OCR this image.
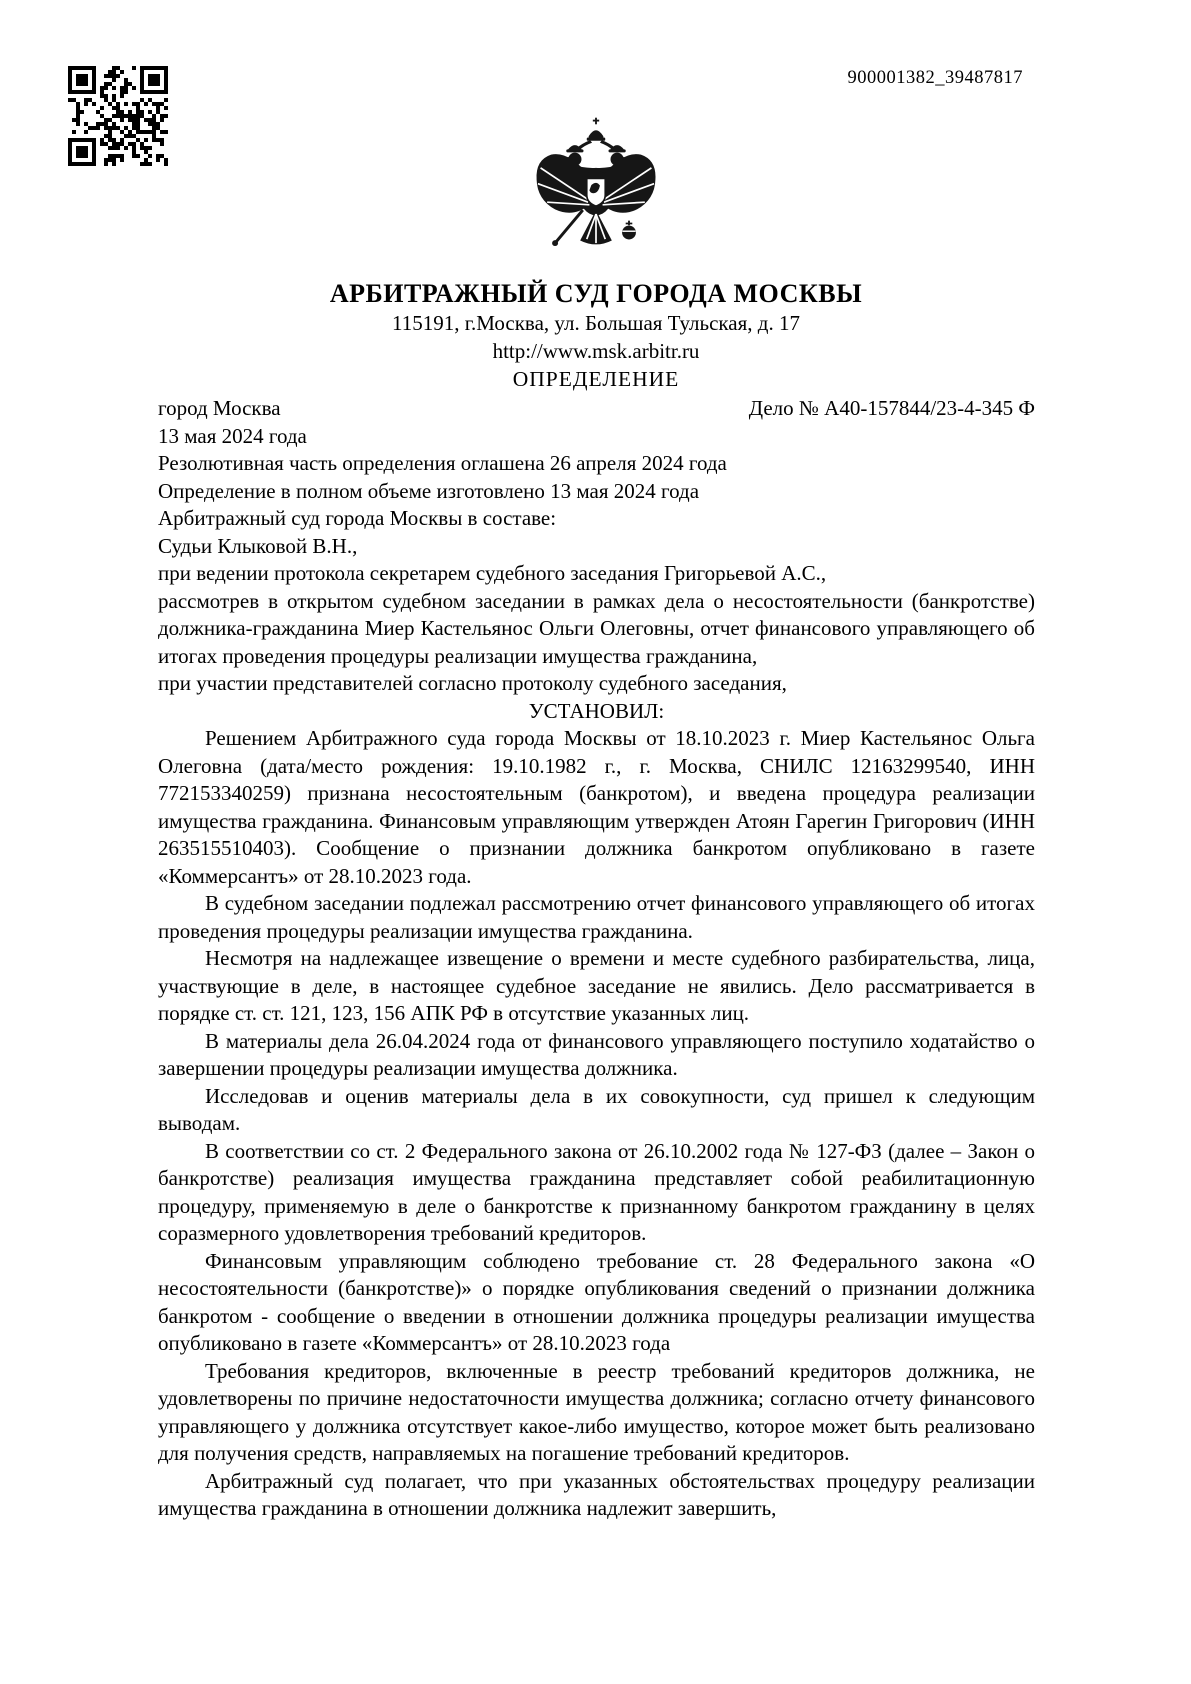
900001382_39487817
АРБИТРАЖНЫЙ СУД ГОРОДА МОСКВЫ
115191, г.Москва, ул. Большая Тульская, д. 17
http://www.msk.arbitr.ru
ОПРЕДЕЛЕНИЕ
город Москва	Дело № А40-157844/23-4-345 Ф
13 мая 2024 года
Резолютивная часть определения оглашена 26 апреля 2024 года
Определение в полном объеме изготовлено 13 мая 2024 года
Арбитражный суд города Москвы в составе:
Судьи Клыковой В.Н.,
при ведении протокола секретарем судебного заседания Григорьевой А.С.,
рассмотрев в открытом судебном заседании в рамках дела о несостоятельности (банкротстве) должника-гражданина Миер Кастельянос Ольги Олеговны, отчет финансового управляющего об итогах проведения процедуры реализации имущества гражданина,
при участии представителей согласно протоколу судебного заседания,
УСТАНОВИЛ:

Решением Арбитражного суда города Москвы от 18.10.2023 г. Миер Кастельянос Ольга Олеговна (дата/место рождения: 19.10.1982 г., г. Москва, СНИЛС 12163299540, ИНН 772153340259) признана несостоятельным (банкротом), и введена процедура реализации имущества гражданина. Финансовым управляющим утвержден Атоян Гарегин Григорович (ИНН 263515510403). Сообщение о признании должника банкротом опубликовано в газете «Коммерсантъ» от 28.10.2023 года.

В судебном заседании подлежал рассмотрению отчет финансового управляющего об итогах проведения процедуры реализации имущества гражданина.

Несмотря на надлежащее извещение о времени и месте судебного разбирательства, лица, участвующие в деле, в настоящее судебное заседание не явились. Дело рассматривается в порядке ст. ст. 121, 123, 156 АПК РФ в отсутствие указанных лиц.

В материалы дела 26.04.2024 года от финансового управляющего поступило ходатайство о завершении процедуры реализации имущества должника.

Исследовав и оценив материалы дела в их совокупности, суд пришел к следующим выводам.

В соответствии со ст. 2 Федерального закона от 26.10.2002 года № 127-ФЗ (далее – Закон о банкротстве) реализация имущества гражданина представляет собой реабилитационную процедуру, применяемую в деле о банкротстве к признанному банкротом гражданину в целях соразмерного удовлетворения требований кредиторов.

Финансовым управляющим соблюдено требование ст. 28 Федерального закона «О несостоятельности (банкротстве)» о порядке опубликования сведений о признании должника банкротом - сообщение о введении в отношении должника процедуры реализации имущества опубликовано в газете «Коммерсантъ» от 28.10.2023 года

Требования кредиторов, включенные в реестр требований кредиторов должника, не удовлетворены по причине недостаточности имущества должника; согласно отчету финансового управляющего у должника отсутствует какое-либо имущество, которое может быть реализовано для получения средств, направляемых на погашение требований кредиторов.

Арбитражный суд полагает, что при указанных обстоятельствах процедуру реализации имущества гражданина в отношении должника надлежит завершить,
